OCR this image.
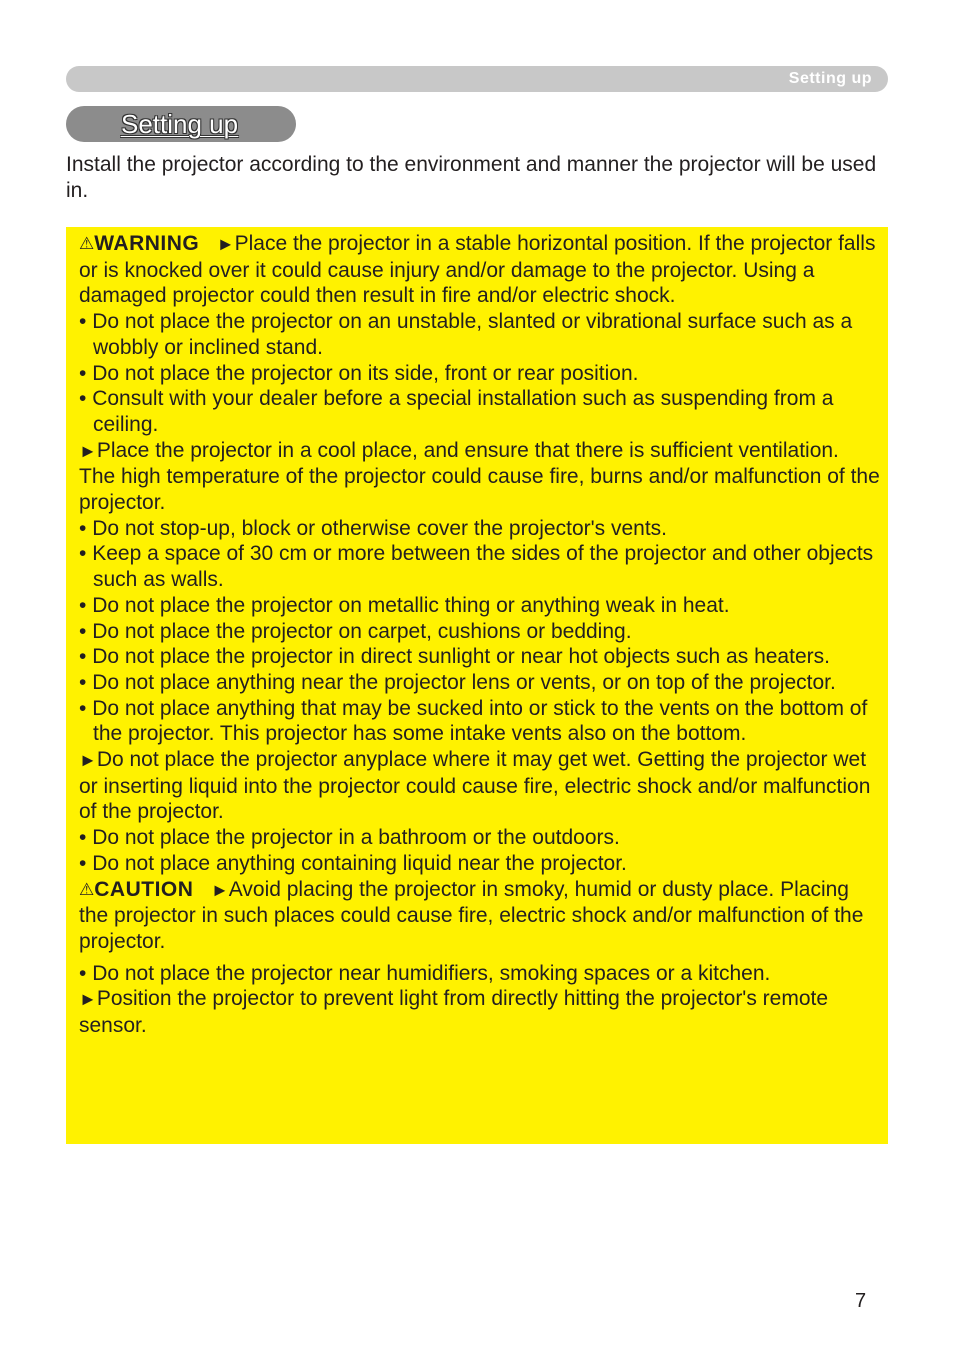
Setting up
Setting up

Install the projector according to the environment and manner the projector will be used in.

⚠WARNING ►Place the projector in a stable horizontal position. If the projector falls or is knocked over it could cause injury and/or damage to the projector. Using a damaged projector could then result in fire and/or electric shock.

• Do not place the projector on an unstable, slanted or vibrational surface such as a wobbly or inclined stand.

• Do not place the projector on its side, front or rear position.

• Consult with your dealer before a special installation such as suspending from a ceiling.

►Place the projector in a cool place, and ensure that there is sufficient ventilation. The high temperature of the projector could cause fire, burns and/or malfunction of the projector.

• Do not stop-up, block or otherwise cover the projector's vents.

• Keep a space of 30 cm or more between the sides of the projector and other objects such as walls.

• Do not place the projector on metallic thing or anything weak in heat.

• Do not place the projector on carpet, cushions or bedding.

• Do not place the projector in direct sunlight or near hot objects such as heaters.

• Do not place anything near the projector lens or vents, or on top of the projector.

• Do not place anything that may be sucked into or stick to the vents on the bottom of the projector. This projector has some intake vents also on the bottom.

►Do not place the projector anyplace where it may get wet. Getting the projector wet or inserting liquid into the projector could cause fire, electric shock and/or malfunction of the projector.

• Do not place the projector in a bathroom or the outdoors.

• Do not place anything containing liquid near the projector.

⚠CAUTION ►Avoid placing the projector in smoky, humid or dusty place. Placing the projector in such places could cause fire, electric shock and/or malfunction of the projector.

• Do not place the projector near humidifiers, smoking spaces or a kitchen.

►Position the projector to prevent light from directly hitting the projector's remote sensor.

7
